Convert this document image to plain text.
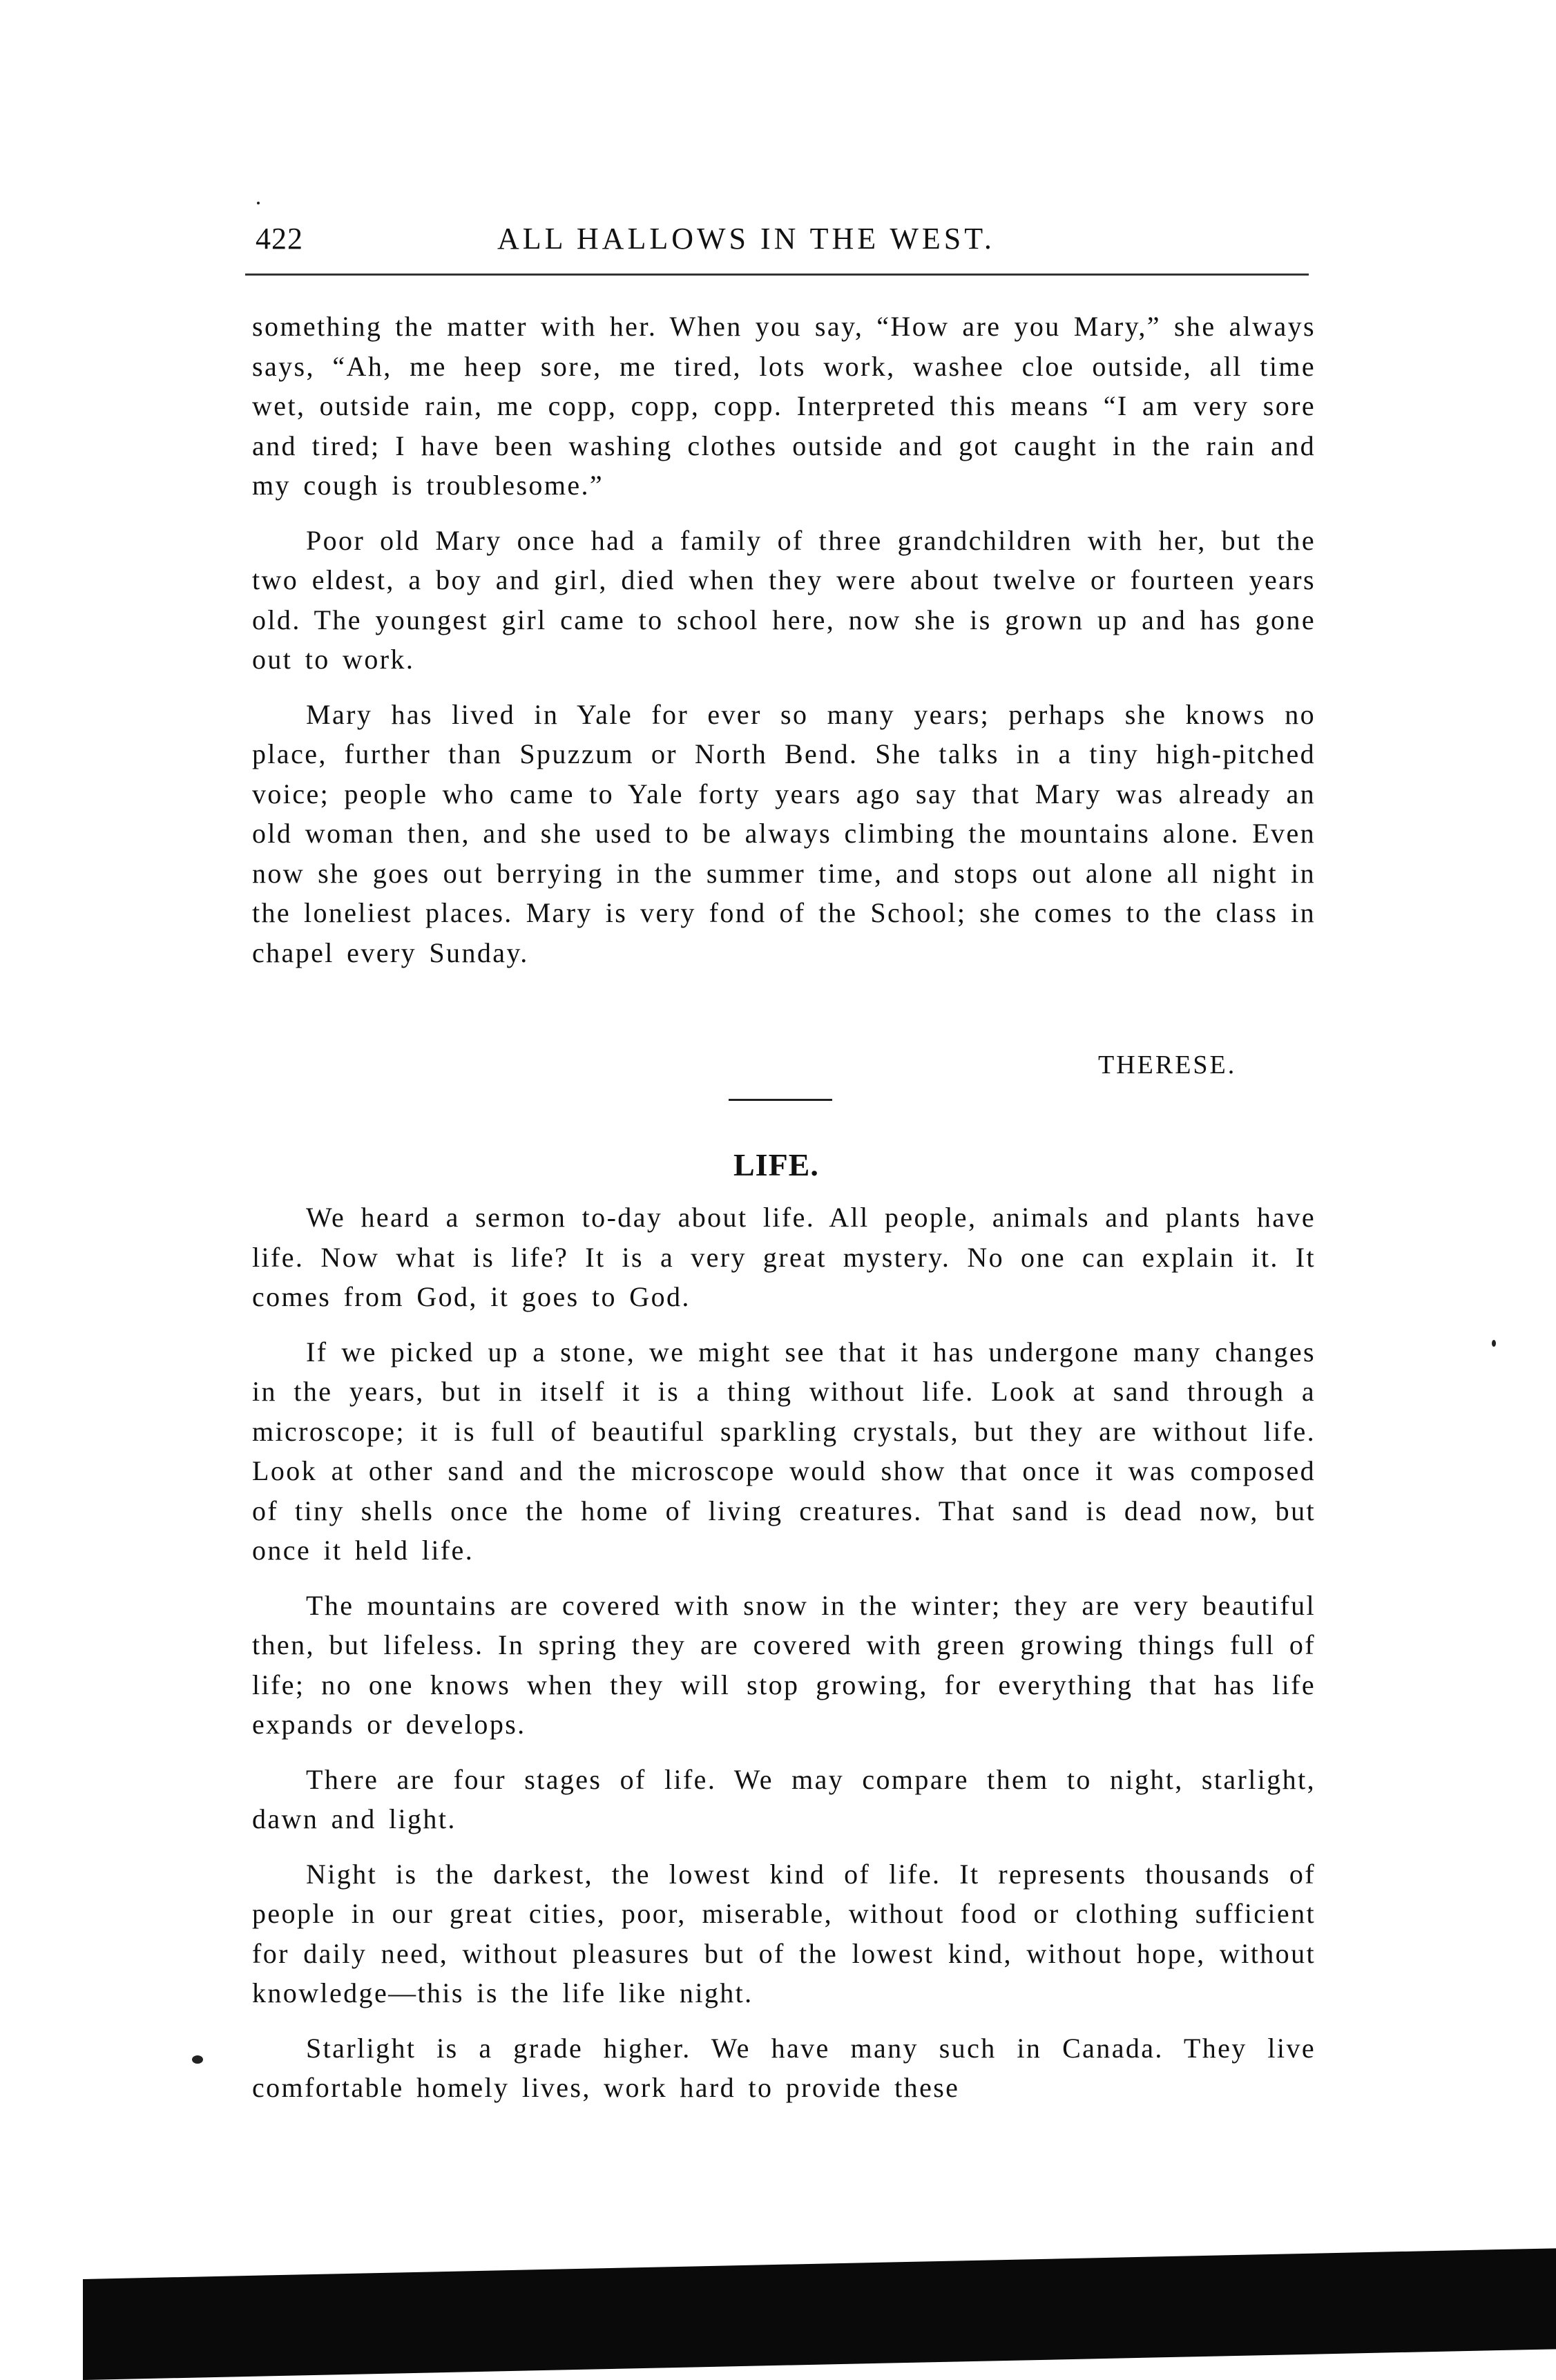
422	ALL HALLOWS IN THE WEST.

something the matter with her. When you say, “How are you Mary,” she always says, “Ah, me heep sore, me tired, lots work, washee cloe outside, all time wet, outside rain, me copp, copp, copp. Interpreted this means “I am very sore and tired; I have been washing clothes outside and got caught in the rain and my cough is troublesome.”

Poor old Mary once had a family of three grandchildren with her, but the two eldest, a boy and girl, died when they were about twelve or fourteen years old. The youngest girl came to school here, now she is grown up and has gone out to work.

Mary has lived in Yale for ever so many years; perhaps she knows no place, further than Spuzzum or North Bend. She talks in a tiny high-pitched voice; people who came to Yale forty years ago say that Mary was already an old woman then, and she used to be always climbing the mountains alone. Even now she goes out berrying in the summer time, and stops out alone all night in the loneliest places. Mary is very fond of the School; she comes to the class in chapel every Sunday.

THERESE.
LIFE.

We heard a sermon to-day about life. All people, animals and plants have life. Now what is life? It is a very great mystery. No one can explain it. It comes from God, it goes to God.

If we picked up a stone, we might see that it has undergone many changes in the years, but in itself it is a thing without life. Look at sand through a microscope; it is full of beautiful sparkling crystals, but they are without life. Look at other sand and the microscope would show that once it was composed of tiny shells once the home of living creatures. That sand is dead now, but once it held life.

The mountains are covered with snow in the winter; they are very beautiful then, but lifeless. In spring they are covered with green growing things full of life; no one knows when they will stop growing, for everything that has life expands or develops.

There are four stages of life. We may compare them to night, starlight, dawn and light.

Night is the darkest, the lowest kind of life. It represents thousands of people in our great cities, poor, miserable, without food or clothing sufficient for daily need, without pleasures but of the lowest kind, without hope, without knowledge—this is the life like night.

Starlight is a grade higher. We have many such in Canada. They live comfortable homely lives, work hard to provide these
